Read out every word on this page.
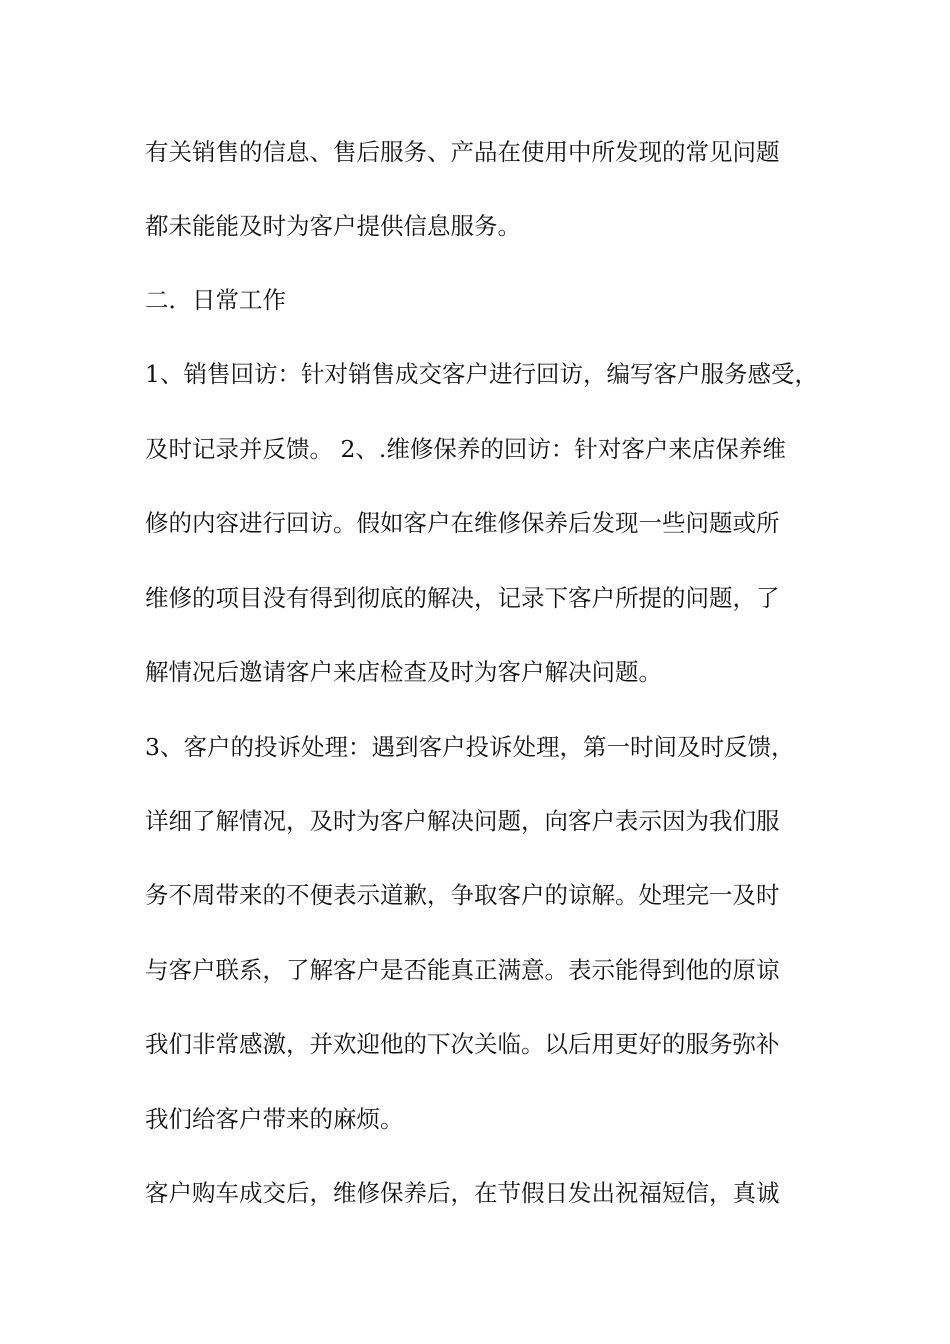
有关销售的信息、售后服务、产品在使用中所发现的常见问题
都未能能及时为客户提供信息服务。
二．日常工作
1、销售回访：针对销售成交客户进行回访，编写客户服务感受，
及时记录并反馈。 2、.维修保养的回访：针对客户来店保养维
修的内容进行回访。假如客户在维修保养后发现一些问题或所
维修的项目没有得到彻底的解决，记录下客户所提的问题，了
解情况后邀请客户来店检查及时为客户解决问题。
3、客户的投诉处理：遇到客户投诉处理，第一时间及时反馈，
详细了解情况，及时为客户解决问题，向客户表示因为我们服
务不周带来的不便表示道歉，争取客户的谅解。处理完一及时
与客户联系，了解客户是否能真正满意。表示能得到他的原谅
我们非常感激，并欢迎他的下次关临。以后用更好的服务弥补
我们给客户带来的麻烦。
客户购车成交后，维修保养后，在节假日发出祝福短信，真诚
